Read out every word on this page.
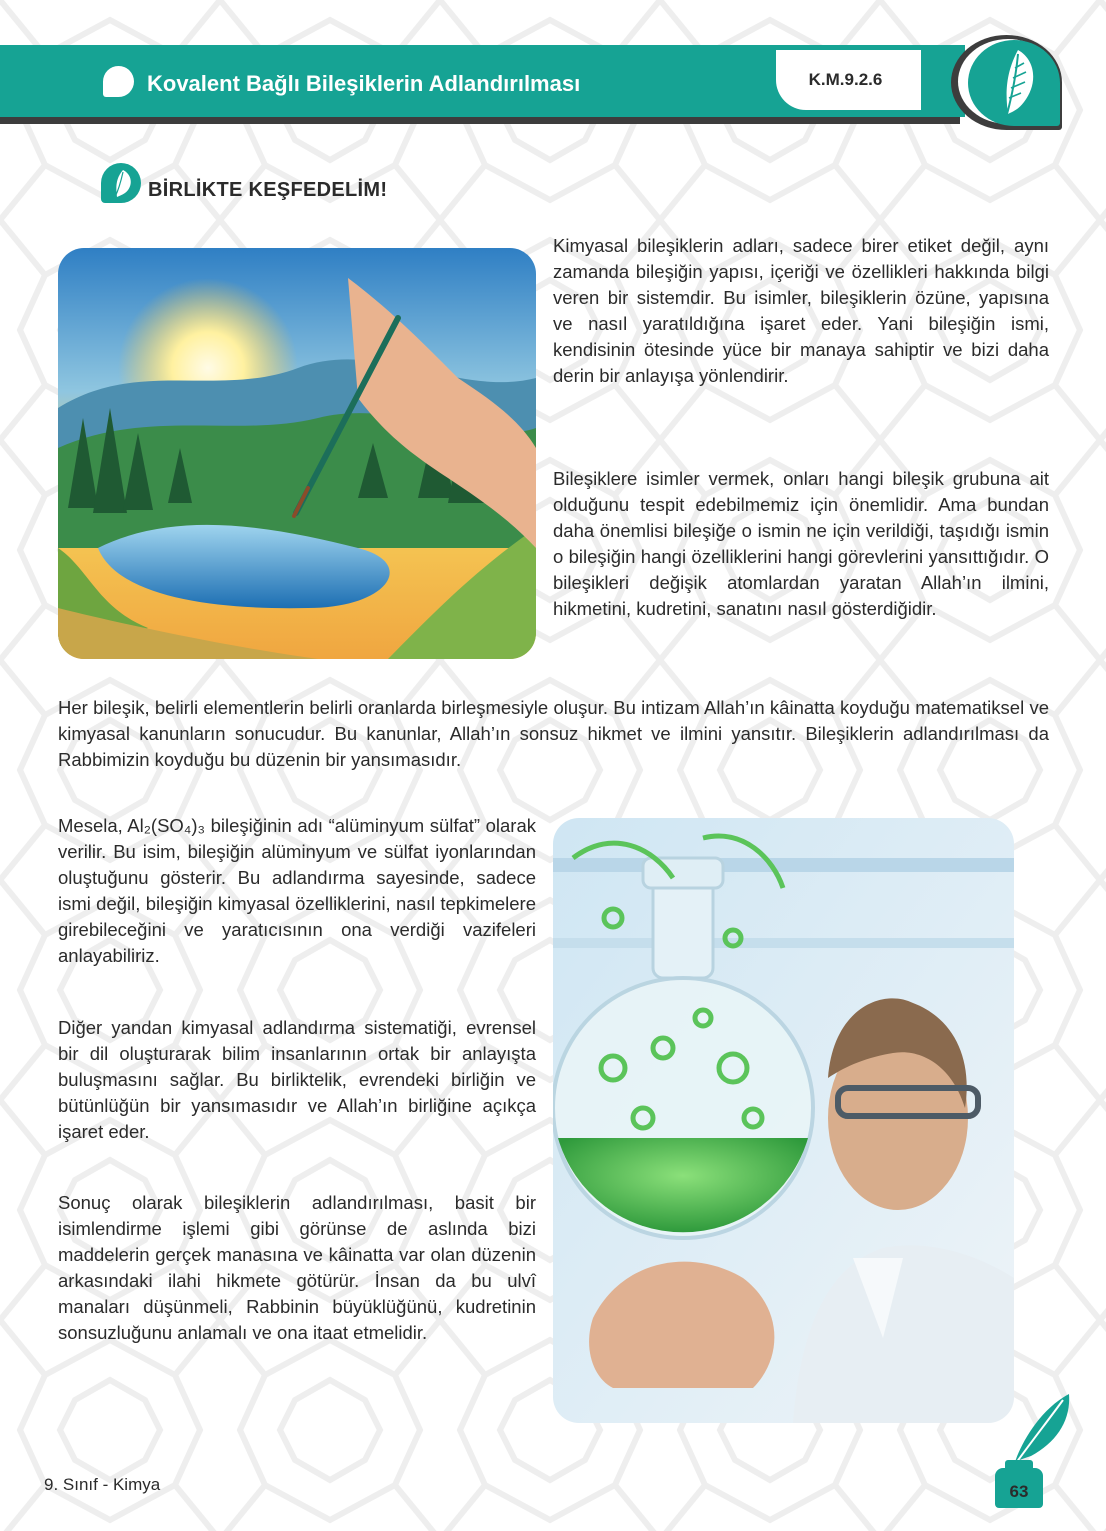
Kovalent Bağlı Bileşiklerin Adlandırılması	K.M.9.2.6
BİRLİKTE KEŞFEDELİM!
Kimyasal bileşiklerin adları, sadece birer etiket değil, aynı zamanda bileşiğin yapısı, içeriği ve özellikleri hakkında bilgi veren bir sistemdir. Bu isimler, bileşiklerin özüne, yapısına ve nasıl yaratıldığına işaret eder. Yani bileşiğin ismi, kendisinin ötesinde yüce bir manaya sahiptir ve bizi daha derin bir anlayışa yönlendirir.
Bileşiklere isimler vermek, onları hangi bileşik grubuna ait olduğunu tespit edebilmemiz için önemlidir. Ama bundan daha önemlisi bileşiğe o ismin ne için verildiği, taşıdığı ismin o bileşiğin hangi özelliklerini hangi görevlerini yansıttığıdır. O bileşikleri değişik atomlardan yaratan Allah’ın ilmini, hikmetini, kudretini, sanatını nasıl gösterdiğidir.
Her bileşik, belirli elementlerin belirli oranlarda birleşmesiyle oluşur. Bu intizam Allah’ın kâinatta koyduğu matematiksel ve kimyasal kanunların sonucudur. Bu kanunlar, Allah’ın sonsuz hikmet ve ilmini yansıtır. Bileşiklerin adlandırılması da Rabbimizin koyduğu bu düzenin bir yansımasıdır.
Mesela, Al₂(SO₄)₃ bileşiğinin adı “alüminyum sülfat” olarak verilir. Bu isim, bileşiğin alüminyum ve sülfat iyonlarından oluştuğunu gösterir. Bu adlandırma sayesinde, sadece ismi değil, bileşiğin kimyasal özelliklerini, nasıl tepkimelere girebileceğini ve yaratıcısının ona verdiği vazifeleri anlayabiliriz.
Diğer yandan kimyasal adlandırma sistematiği, evrensel bir dil oluşturarak bilim insanlarının ortak bir anlayışta buluşmasını sağlar. Bu birliktelik, evrendeki birliğin ve bütünlüğün bir yansımasıdır ve Allah’ın birliğine açıkça işaret eder.
Sonuç olarak bileşiklerin adlandırılması, basit bir isimlendirme işlemi gibi görünse de aslında bizi maddelerin gerçek manasına ve kâinatta var olan düzenin arkasındaki ilahi hikmete götürür. İnsan da bu ulvî manaları düşünmeli, Rabbinin büyüklüğünü, kudretinin sonsuzluğunu anlamalı ve ona itaat etmelidir.
9. Sınıf - Kimya	63
